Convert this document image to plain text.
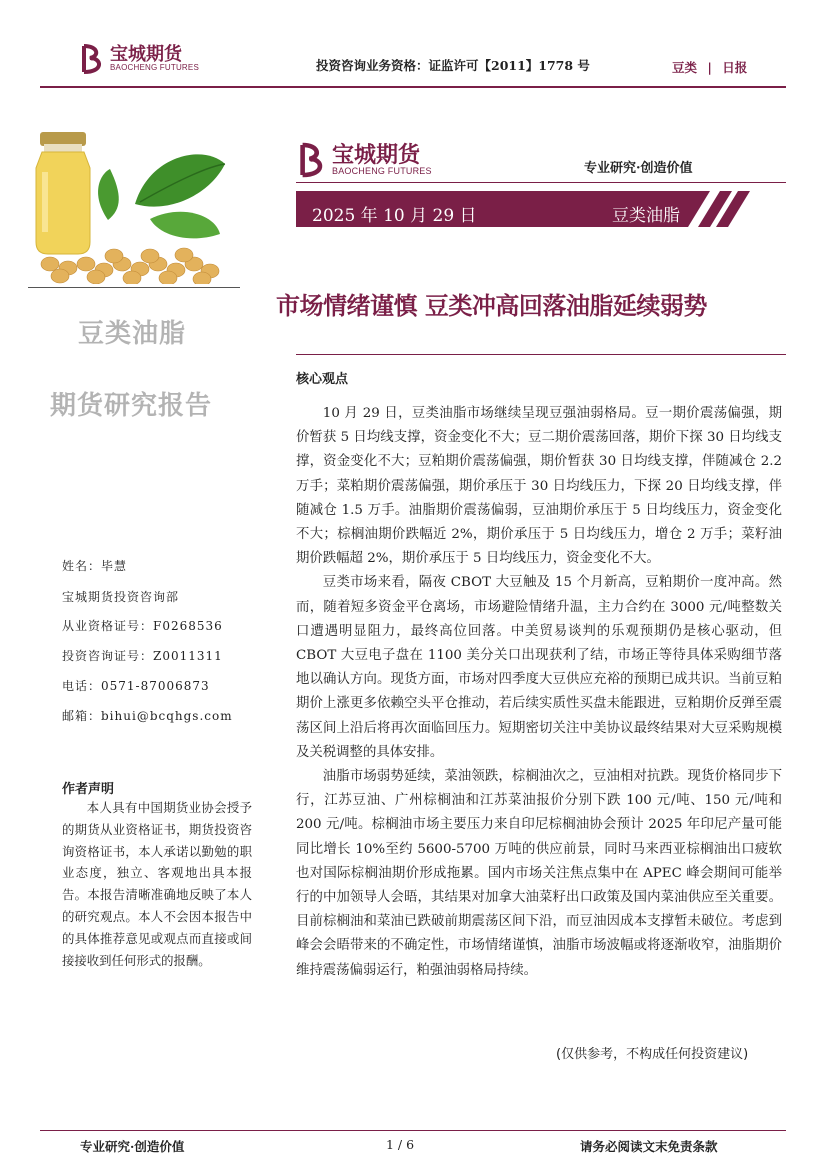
宝城期货
BAOCHENG FUTURES	投资咨询业务资格：证监许可【2011】1778 号	豆类 | 日报
宝城期货
BAOCHENG FUTURES	专业研究·创造价值
2025 年 10 月 29 日	豆类油脂
豆类油脂
期货研究报告
姓名：毕慧
宝城期货投资咨询部
从业资格证号：F0268536
投资咨询证号：Z0011311
电话：0571-87006873
邮箱：bihui@bcqhgs.com
作者声明
本人具有中国期货业协会授予的期货从业资格证书，期货投资咨询资格证书，本人承诺以勤勉的职业态度，独立、客观地出具本报告。本报告清晰准确地反映了本人的研究观点。本人不会因本报告中的具体推荐意见或观点而直接或间接接收到任何形式的报酬。
市场情绪谨慎 豆类冲高回落油脂延续弱势
核心观点

10 月 29 日，豆类油脂市场继续呈现豆强油弱格局。豆一期价震荡偏强，期价暂获 5 日均线支撑，资金变化不大；豆二期价震荡回落，期价下探 30 日均线支撑，资金变化不大；豆粕期价震荡偏强，期价暂获 30 日均线支撑，伴随减仓 2.2 万手；菜粕期价震荡偏强，期价承压于 30 日均线压力，下探 20 日均线支撑，伴随减仓 1.5 万手。油脂期价震荡偏弱，豆油期价承压于 5 日均线压力，资金变化不大；棕榈油期价跌幅近 2%，期价承压于 5 日均线压力，增仓 2 万手；菜籽油期价跌幅超 2%，期价承压于 5 日均线压力，资金变化不大。

豆类市场来看，隔夜 CBOT 大豆触及 15 个月新高，豆粕期价一度冲高。然而，随着短多资金平仓离场，市场避险情绪升温，主力合约在 3000 元/吨整数关口遭遇明显阻力，最终高位回落。中美贸易谈判的乐观预期仍是核心驱动，但 CBOT 大豆电子盘在 1100 美分关口出现获利了结，市场正等待具体采购细节落地以确认方向。现货方面，市场对四季度大豆供应充裕的预期已成共识。当前豆粕期价上涨更多依赖空头平仓推动，若后续实质性买盘未能跟进，豆粕期价反弹至震荡区间上沿后将再次面临回压力。短期密切关注中美协议最终结果对大豆采购规模及关税调整的具体安排。

油脂市场弱势延续，菜油领跌，棕榈油次之，豆油相对抗跌。现货价格同步下行，江苏豆油、广州棕榈油和江苏菜油报价分别下跌 100 元/吨、150 元/吨和 200 元/吨。棕榈油市场主要压力来自印尼棕榈油协会预计 2025 年印尼产量可能同比增长 10%至约 5600-5700 万吨的供应前景，同时马来西亚棕榈油出口疲软也对国际棕榈油期价形成拖累。国内市场关注焦点集中在 APEC 峰会期间可能举行的中加领导人会晤，其结果对加拿大油菜籽出口政策及国内菜油供应至关重要。目前棕榈油和菜油已跌破前期震荡区间下沿，而豆油因成本支撑暂未破位。考虑到峰会会晤带来的不确定性，市场情绪谨慎，油脂市场波幅或将逐渐收窄，油脂期价维持震荡偏弱运行，粕强油弱格局持续。

(仅供参考，不构成任何投资建议)
专业研究·创造价值	1 / 6	请务必阅读文末免责条款
